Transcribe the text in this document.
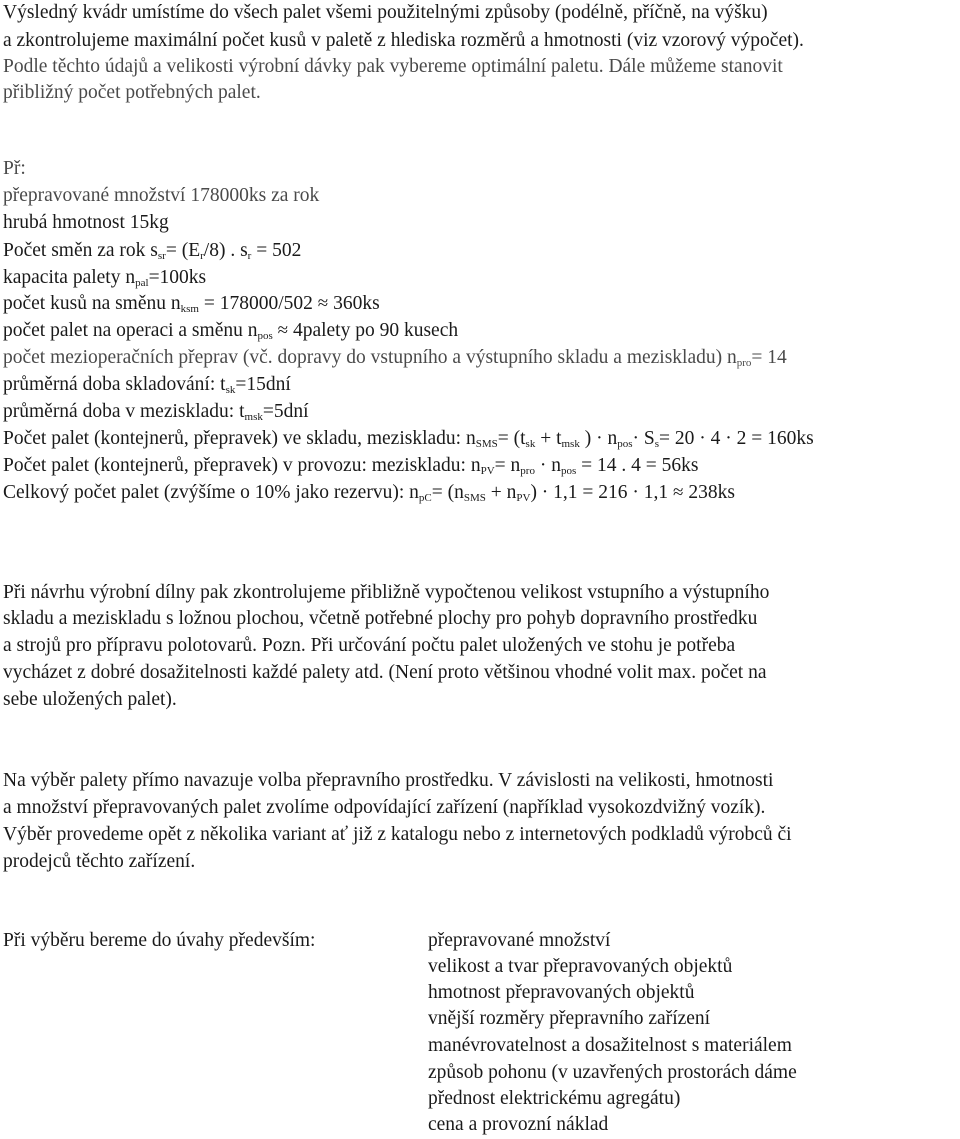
Výsledný kvádr umístíme do všech palet všemi použitelnými způsoby (podélně, příčně, na výšku)
a zkontrolujeme maximální počet kusů v paletě z hlediska rozměrů a hmotnosti (viz vzorový výpočet).
Podle těchto údajů a velikosti výrobní dávky pak vybereme optimální paletu. Dále můžeme stanovit
přibližný počet potřebných palet.
Př:
přepravované množství 178000ks za rok
hrubá hmotnost 15kg
Počet směn za rok $s_{sr}= (E_r/8)$ . $s_r = 502$
kapacita palety $n_{pal}=100ks$
počet kusů na směnu $n_{ksm} = 178000/502 \approx 360ks$
počet palet na operaci a směnu $n_{pos}$ ≈ 4palety po 90 kusech
počet mezioperačních přeprav (vč. dopravy do vstupního a výstupního skladu a meziskladu) $n_{pro}= 14$
průměrná doba skladování: $t_{sk}=15dní$
průměrná doba v meziskladu: $t_{msk}=5dní$
Počet palet (kontejnerů, přepravek) ve skladu, meziskladu: $n_{SMS}= (t_{sk} + t_{msk}$ ) · $n_{pos}\cdot S_s= 20 \cdot 4 \cdot 2 = 160ks$
Počet palet (kontejnerů, přepravek) v provozu: meziskladu: $n_{PV}= n_{pro} \cdot n_{pos} = 14$ . 4 = 56ks
Celkový počet palet (zvýšíme o 10% jako rezervu): $n_{pC}= (n_{SMS} + n_{PV}) \cdot 1,1 = 216 \cdot 1,1 \approx 238ks$
Při návrhu výrobní dílny pak zkontrolujeme přibližně vypočtenou velikost vstupního a výstupního
skladu a meziskladu s ložnou plochou, včetně potřebné plochy pro pohyb dopravního prostředku
a strojů pro přípravu polotovarů. Pozn. Při určování počtu palet uložených ve stohu je potřeba
vycházet z dobré dosažitelnosti každé palety atd. (Není proto většinou vhodné volit max. počet na
sebe uložených palet).
Na výběr palety přímo navazuje volba přepravního prostředku. V závislosti na velikosti, hmotnosti
a množství přepravovaných palet zvolíme odpovídající zařízení (například vysokozdvižný vozík).
Výběr provedeme opět z několika variant ať již z katalogu nebo z internetových podkladů výrobců či
prodejců těchto zařízení.
Při výběru bereme do úvahy především:	přepravované množství
velikost a tvar přepravovaných objektů
hmotnost přepravovaných objektů
vnější rozměry přepravního zařízení
manévrovatelnost a dosažitelnost s materiálem
způsob pohonu (v uzavřených prostorách dáme
přednost elektrickému agregátu)
cena a provozní náklad
